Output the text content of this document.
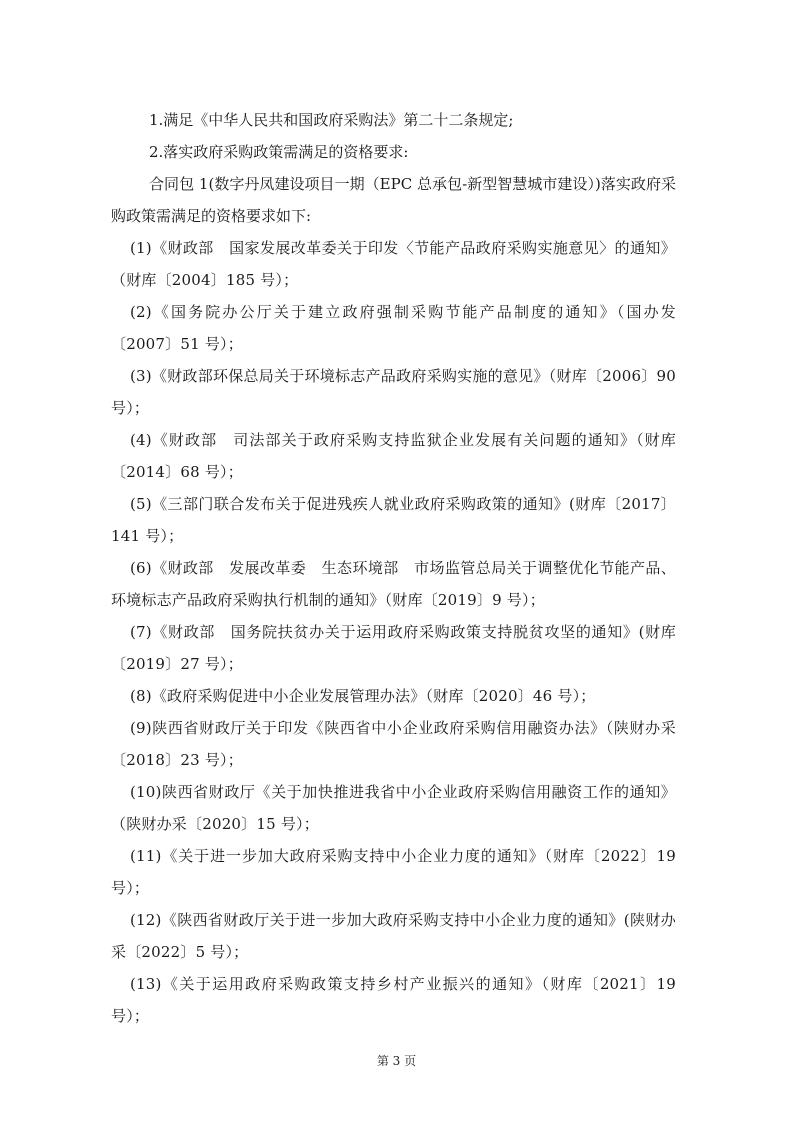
1.满足《中华人民共和国政府采购法》第二十二条规定;

2.落实政府采购政策需满足的资格要求:

合同包 1(数字丹凤建设项目一期（EPC 总承包-新型智慧城市建设）)落实政府采购政策需满足的资格要求如下:

(1)《财政部　国家发展改革委关于印发〈节能产品政府采购实施意见〉的通知》（财库〔2004〕185 号）；

(2)《国务院办公厅关于建立政府强制采购节能产品制度的通知》（国办发〔2007〕51 号）；

(3)《财政部环保总局关于环境标志产品政府采购实施的意见》（财库〔2006〕90 号）；

(4)《财政部　司法部关于政府采购支持监狱企业发展有关问题的通知》（财库〔2014〕68 号）；

(5)《三部门联合发布关于促进残疾人就业政府采购政策的通知》(财库〔2017〕141 号）；

(6)《财政部　发展改革委　生态环境部　市场监管总局关于调整优化节能产品、环境标志产品政府采购执行机制的通知》（财库〔2019〕9 号）；

(7)《财政部　国务院扶贫办关于运用政府采购政策支持脱贫攻坚的通知》(财库〔2019〕27 号）；

(8)《政府采购促进中小企业发展管理办法》（财库〔2020〕46 号）；

(9)陕西省财政厅关于印发《陕西省中小企业政府采购信用融资办法》（陕财办采〔2018〕23 号）；

(10)陕西省财政厅《关于加快推进我省中小企业政府采购信用融资工作的通知》（陕财办采〔2020〕15 号）；

(11)《关于进一步加大政府采购支持中小企业力度的通知》（财库〔2022〕19号）；

(12)《陕西省财政厅关于进一步加大政府采购支持中小企业力度的通知》(陕财办采〔2022〕5 号）；

(13)《关于运用政府采购政策支持乡村产业振兴的通知》（财库〔2021〕19号）；

第 3 页
